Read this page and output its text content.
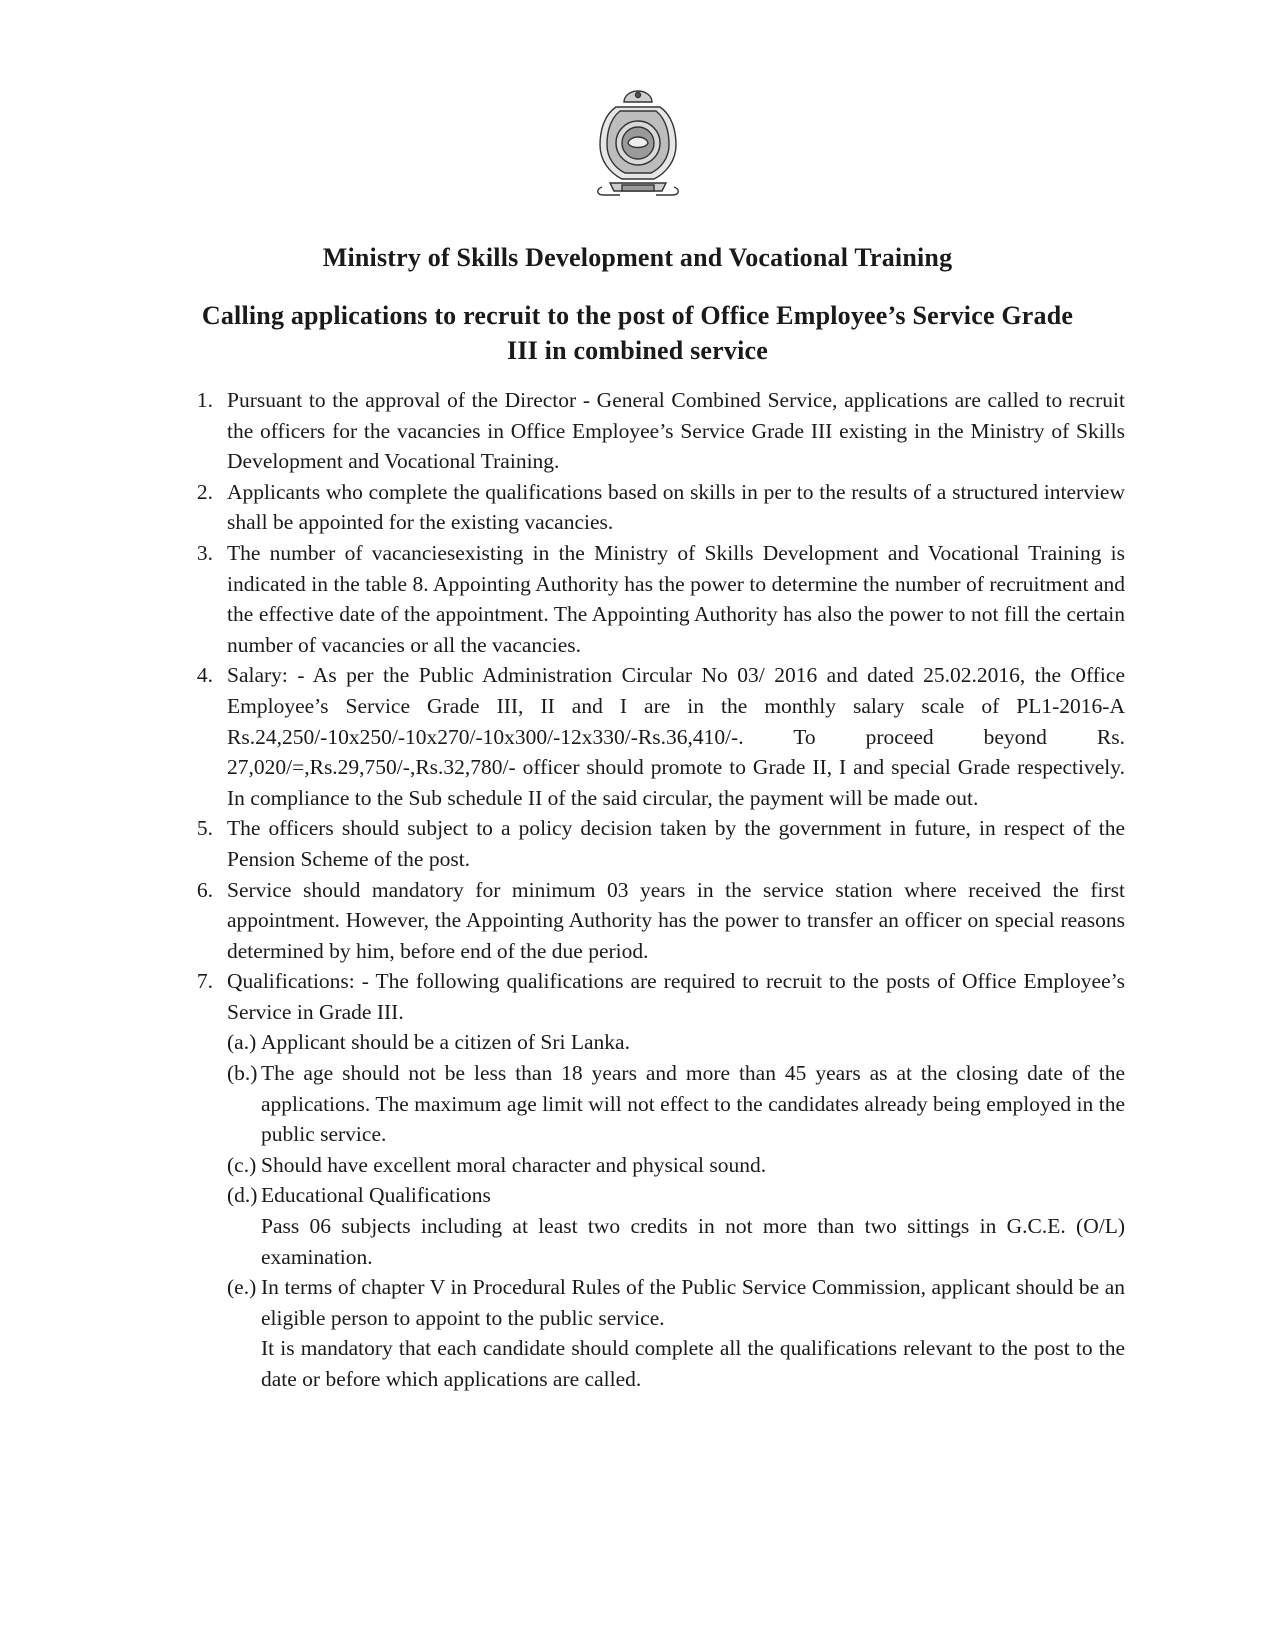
Ministry of Skills Development and Vocational Training
Calling applications to recruit to the post of Office Employee’s Service Grade
III in combined service
1. Pursuant to the approval of the Director - General Combined Service, applications are called to recruit the officers for the vacancies in Office Employee’s Service Grade III existing in the Ministry of Skills Development and Vocational Training.
2. Applicants who complete the qualifications based on skills in per to the results of a structured interview shall be appointed for the existing vacancies.
3. The number of vacanciesexisting in the Ministry of Skills Development and Vocational Training is indicated in the table 8. Appointing Authority has the power to determine the number of recruitment and the effective date of the appointment. The Appointing Authority has also the power to not fill the certain number of vacancies or all the vacancies.
4. Salary: - As per the Public Administration Circular No 03/ 2016 and dated 25.02.2016, the Office Employee’s Service Grade III, II and I are in the monthly salary scale of PL1-2016-A Rs.24,250/-10x250/-10x270/-10x300/-12x330/-Rs.36,410/-. To proceed beyond Rs. 27,020/=,Rs.29,750/-,Rs.32,780/- officer should promote to Grade II, I and special Grade respectively. In compliance to the Sub schedule II of the said circular, the payment will be made out.
5. The officers should subject to a policy decision taken by the government in future, in respect of the Pension Scheme of the post.
6. Service should mandatory for minimum 03 years in the service station where received the first appointment. However, the Appointing Authority has the power to transfer an officer on special reasons determined by him, before end of the due period.
7. Qualifications: - The following qualifications are required to recruit to the posts of Office Employee’s Service in Grade III.
(a.) Applicant should be a citizen of Sri Lanka.
(b.) The age should not be less than 18 years and more than 45 years as at the closing date of the applications. The maximum age limit will not effect to the candidates already being employed in the public service.
(c.) Should have excellent moral character and physical sound.
(d.) Educational Qualifications
Pass 06 subjects including at least two credits in not more than two sittings in G.C.E. (O/L) examination.
(e.) In terms of chapter V in Procedural Rules of the Public Service Commission, applicant should be an eligible person to appoint to the public service.
It is mandatory that each candidate should complete all the qualifications relevant to the post to the date or before which applications are called.
